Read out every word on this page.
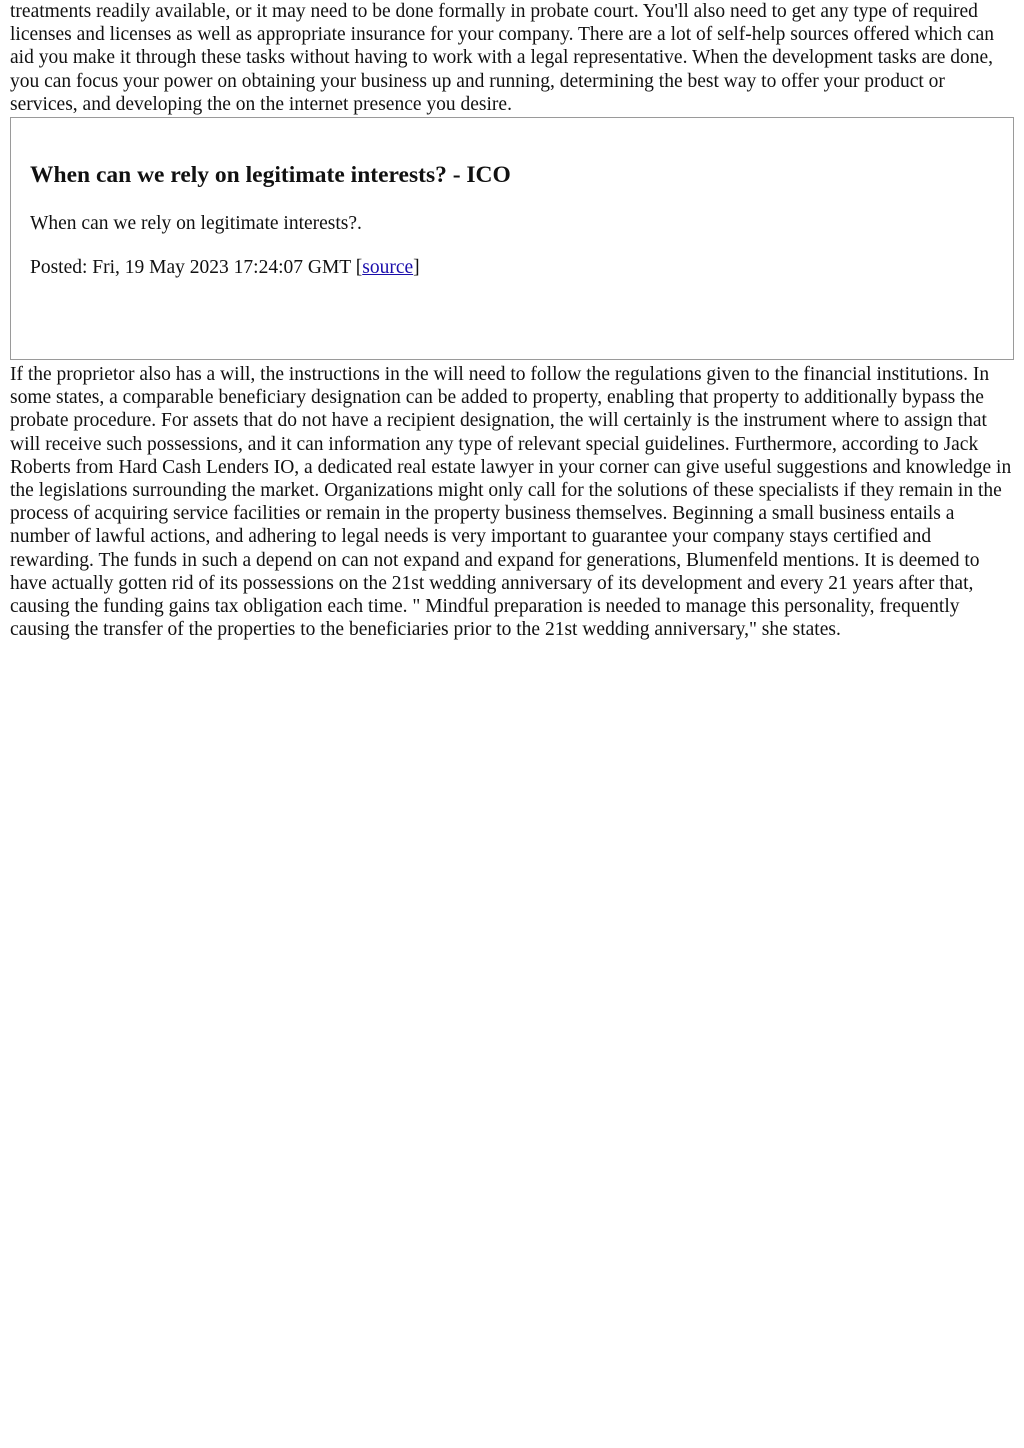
treatments readily available, or it may need to be done formally in probate court. You'll also need to get any type of required licenses and licenses as well as appropriate insurance for your company. There are a lot of self-help sources offered which can aid you make it through these tasks without having to work with a legal representative. When the development tasks are done, you can focus your power on obtaining your business up and running, determining the best way to offer your product or services, and developing the on the internet presence you desire.

When can we rely on legitimate interests? - ICO

When can we rely on legitimate interests?.

Posted: Fri, 19 May 2023 17:24:07 GMT [source]

If the proprietor also has a will, the instructions in the will need to follow the regulations given to the financial institutions. In some states, a comparable beneficiary designation can be added to property, enabling that property to additionally bypass the probate procedure. For assets that do not have a recipient designation, the will certainly is the instrument where to assign that will receive such possessions, and it can information any type of relevant special guidelines. Furthermore, according to Jack Roberts from Hard Cash Lenders IO, a dedicated real estate lawyer in your corner can give useful suggestions and knowledge in the legislations surrounding the market. Organizations might only call for the solutions of these specialists if they remain in the process of acquiring service facilities or remain in the property business themselves. Beginning a small business entails a number of lawful actions, and adhering to legal needs is very important to guarantee your company stays certified and rewarding. The funds in such a depend on can not expand and expand for generations, Blumenfeld mentions. It is deemed to have actually gotten rid of its possessions on the 21st wedding anniversary of its development and every 21 years after that, causing the funding gains tax obligation each time. " Mindful preparation is needed to manage this personality, frequently causing the transfer of the properties to the beneficiaries prior to the 21st wedding anniversary," she states.
